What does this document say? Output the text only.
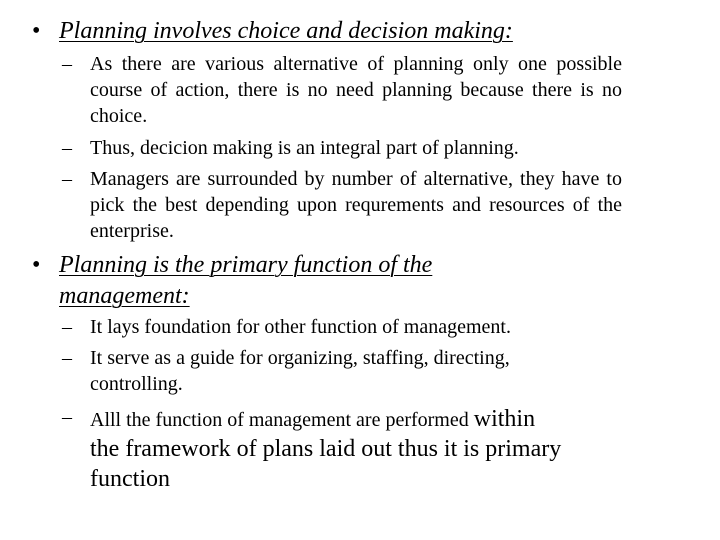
• Planning involves choice and decision making:
– As there are various alternative of planning only one possible course of action, there is no need planning because there is no choice.
– Thus, decicion making is an integral part of planning.
– Managers are surrounded by number of alternative, they have to pick the best depending upon requrements and resources of the enterprise.
• Planning is the primary function of the
management:
– It lays foundation for other function of management.
– It serve as a guide for organizing, staffing, directing, controlling.
– Alll the function of management are performed within
the framework of plans laid out thus it is primary function
